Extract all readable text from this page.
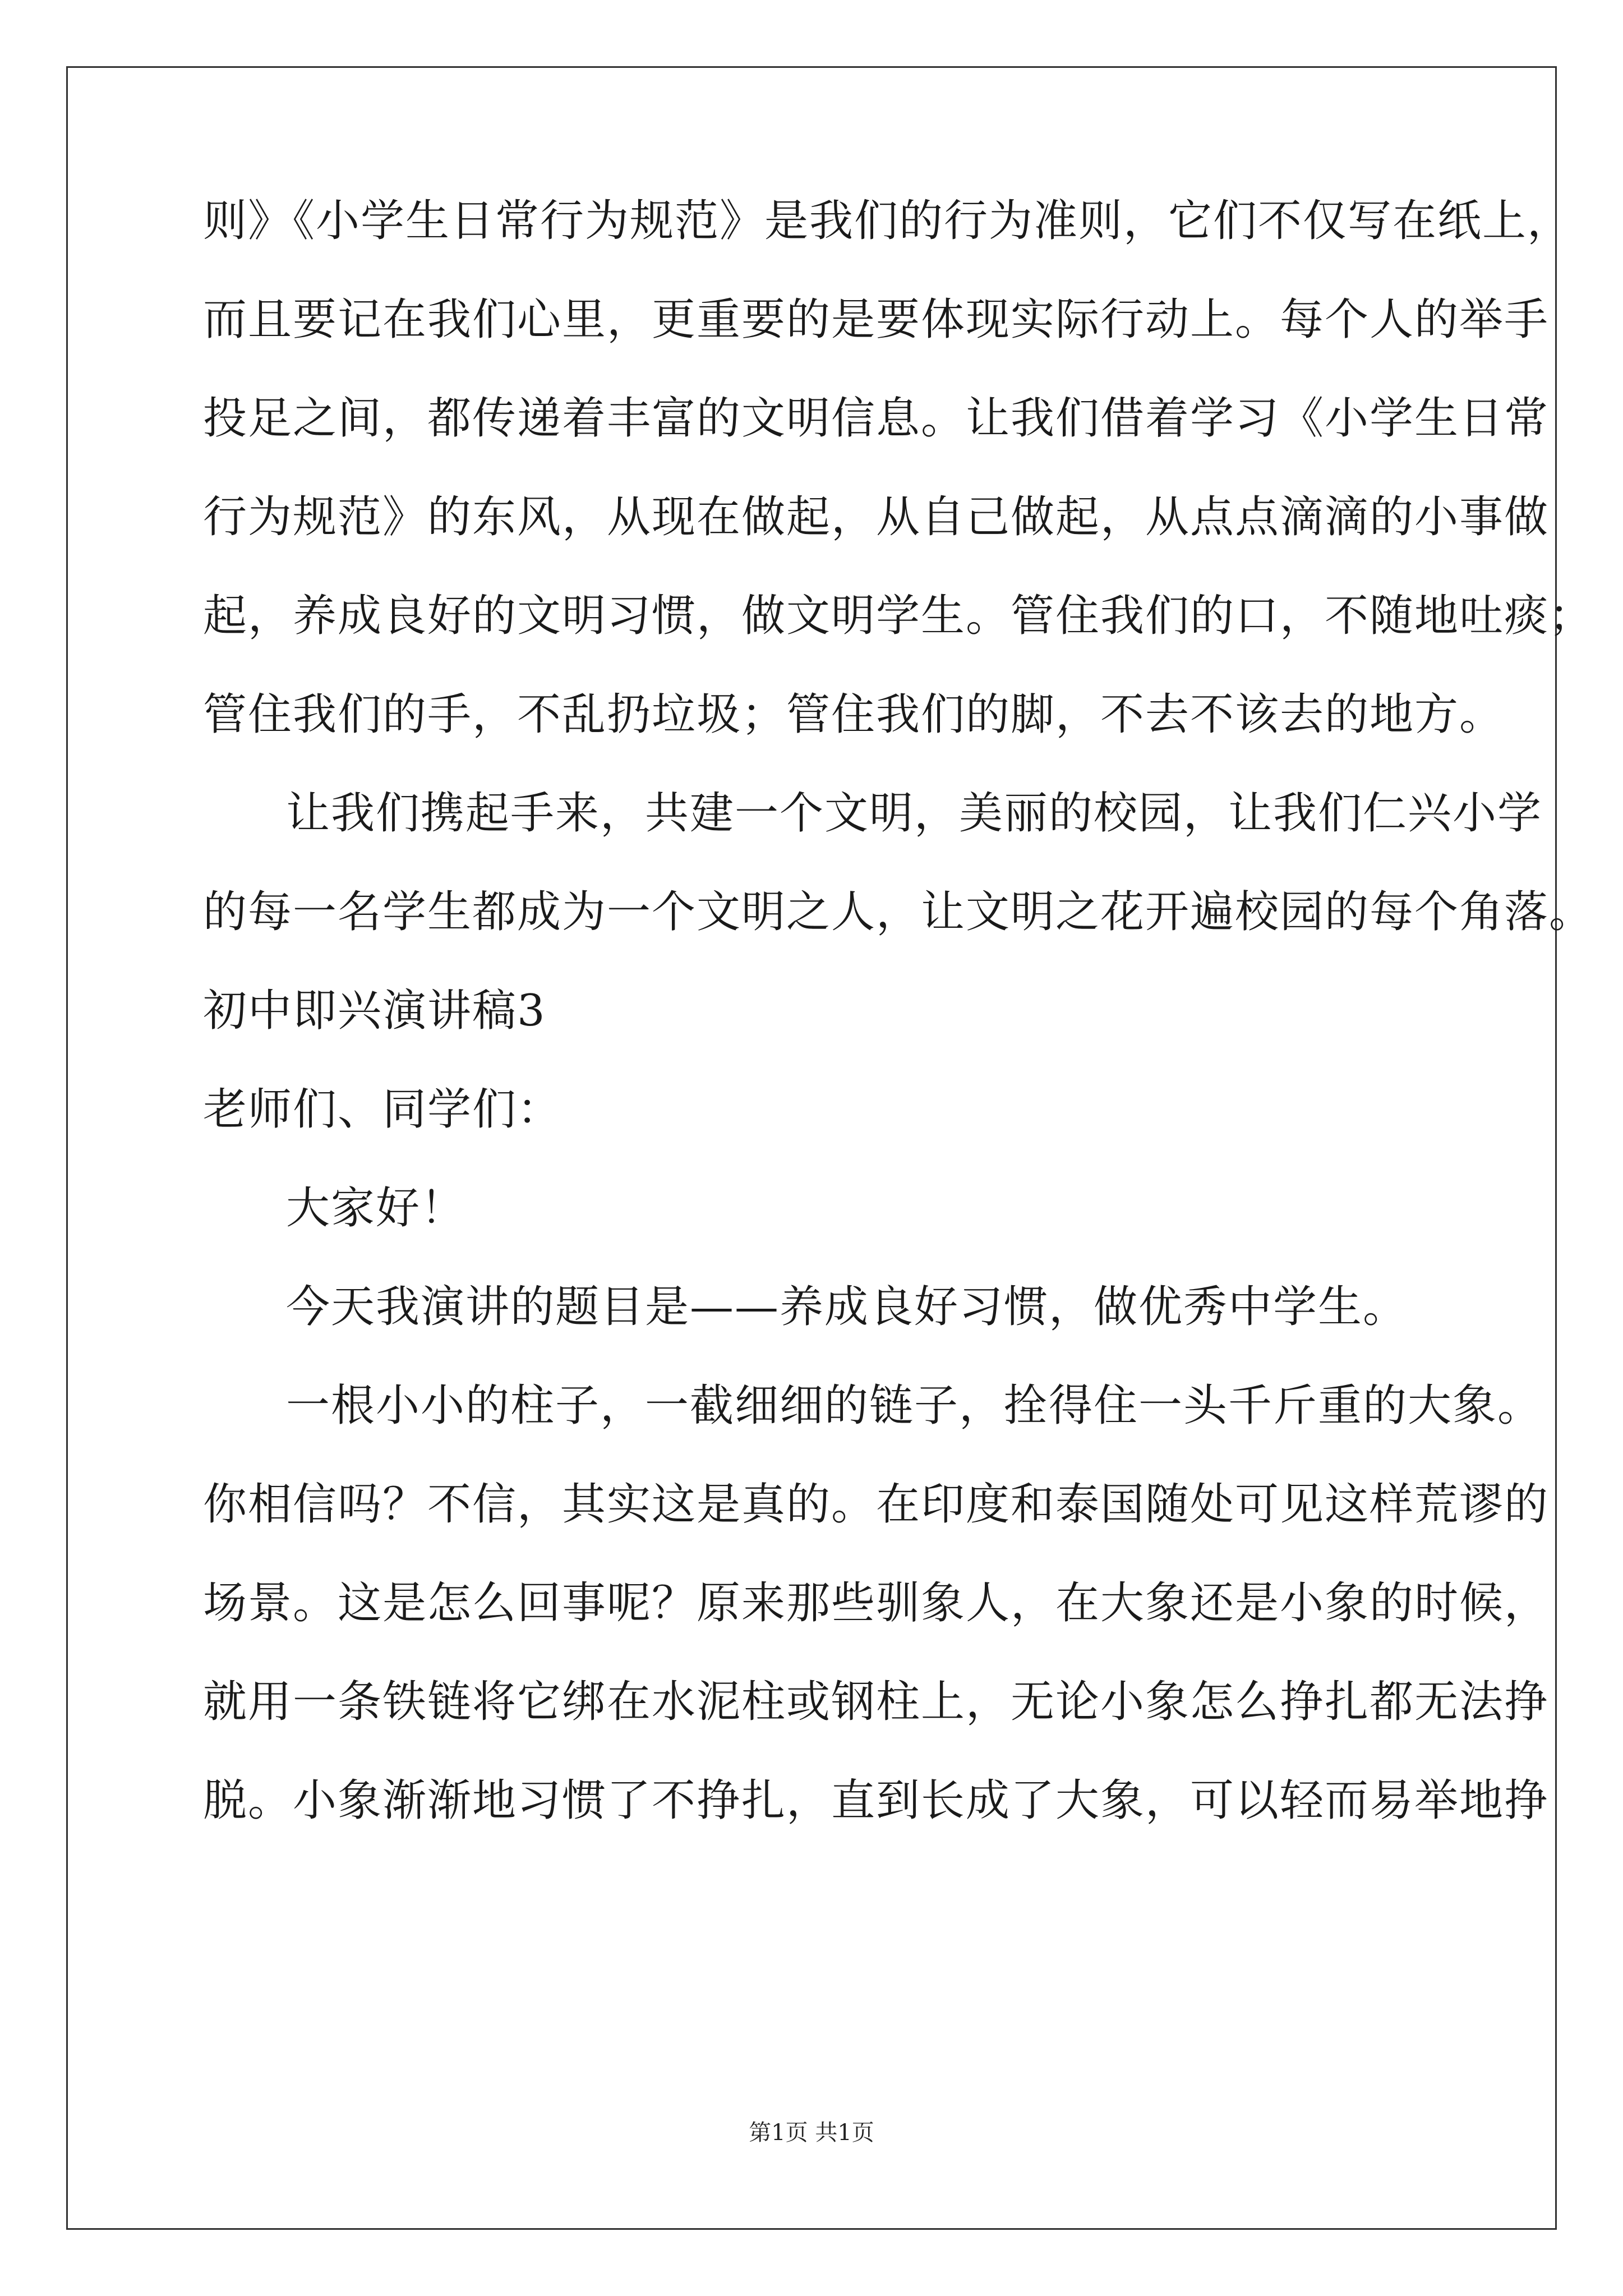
则》《小学生日常行为规范》是我们的行为准则，它们不仅写在纸上，
而且要记在我们心里，更重要的是要体现实际行动上。每个人的举手
投足之间，都传递着丰富的文明信息。让我们借着学习《小学生日常
行为规范》的东风，从现在做起，从自己做起，从点点滴滴的小事做
起，养成良好的文明习惯，做文明学生。管住我们的口，不随地吐痰；
管住我们的手，不乱扔垃圾；管住我们的脚，不去不该去的地方。
让我们携起手来，共建一个文明，美丽的校园，让我们仁兴小学
的每一名学生都成为一个文明之人，让文明之花开遍校园的每个角落。
初中即兴演讲稿3
老师们、同学们：
大家好！
今天我演讲的题目是——养成良好习惯，做优秀中学生。
一根小小的柱子，一截细细的链子，拴得住一头千斤重的大象。
你相信吗？不信，其实这是真的。在印度和泰国随处可见这样荒谬的
场景。这是怎么回事呢？原来那些驯象人，在大象还是小象的时候，
就用一条铁链将它绑在水泥柱或钢柱上，无论小象怎么挣扎都无法挣
脱。小象渐渐地习惯了不挣扎，直到长成了大象，可以轻而易举地挣
第1页 共1页
